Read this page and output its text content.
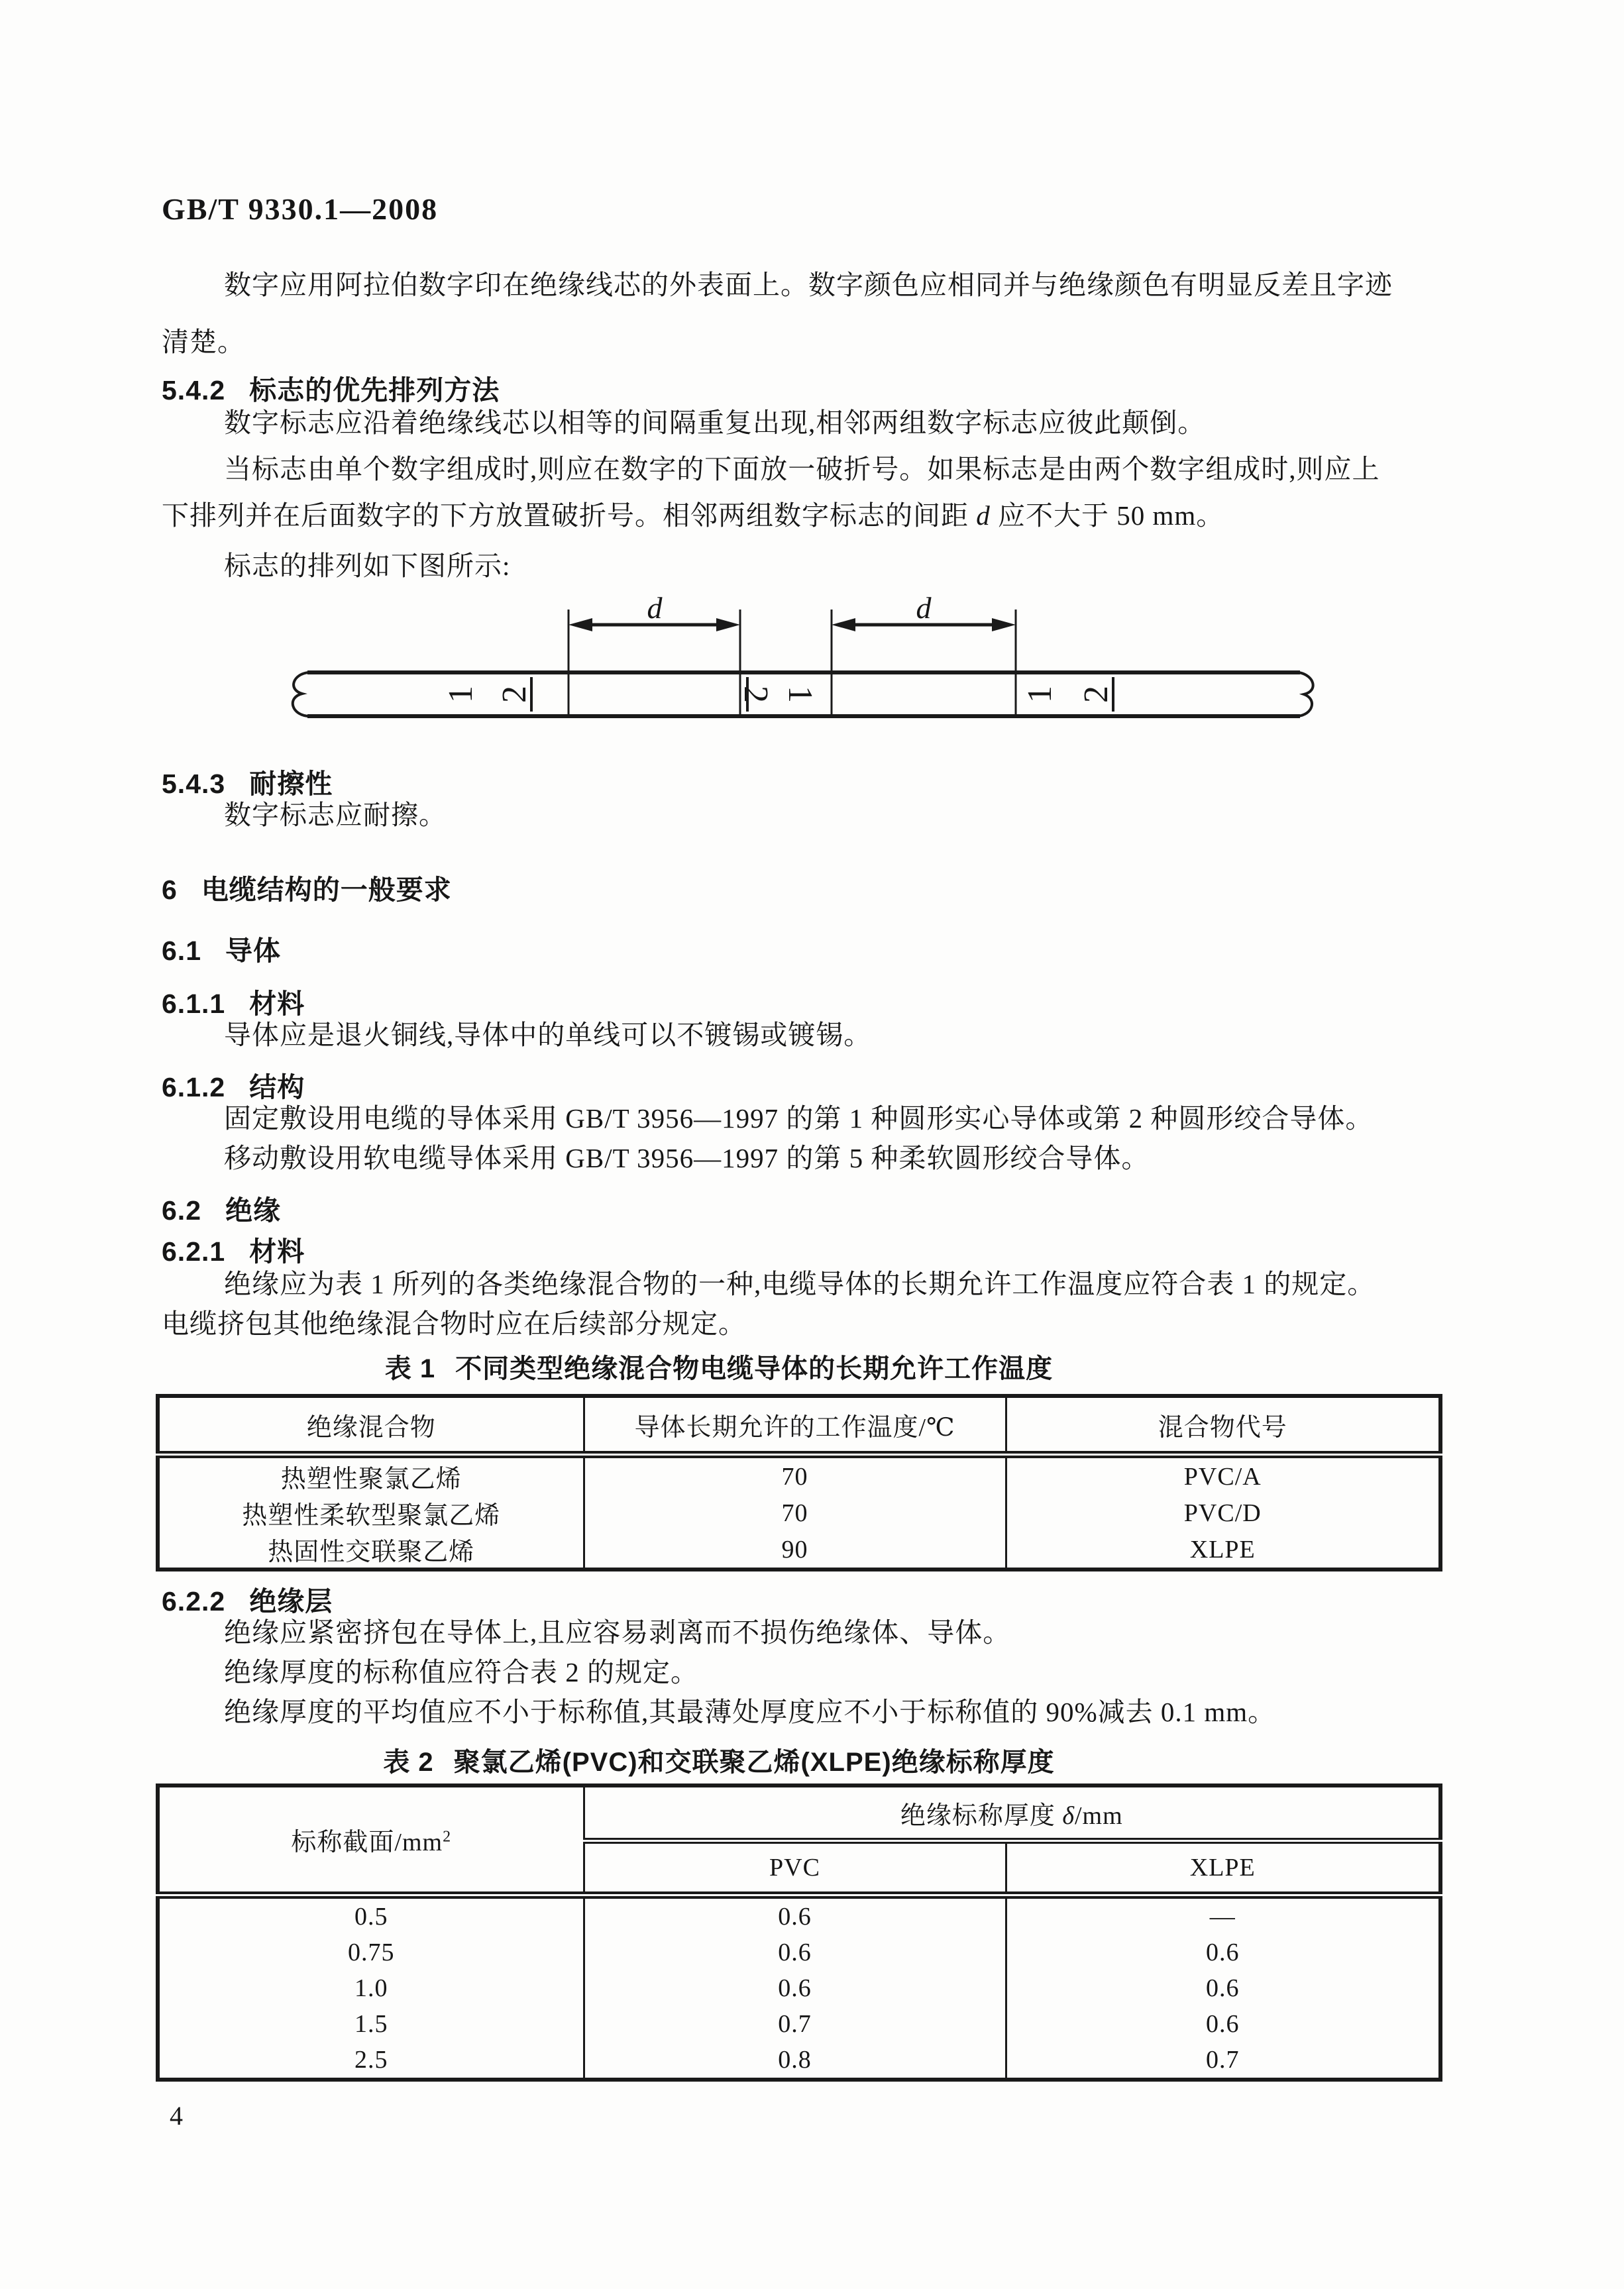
GB/T 9330.1—2008
数字应用阿拉伯数字印在绝缘线芯的外表面上。数字颜色应相同并与绝缘颜色有明显反差且字迹
清楚。
5.4.2 标志的优先排列方法
数字标志应沿着绝缘线芯以相等的间隔重复出现,相邻两组数字标志应彼此颠倒。
当标志由单个数字组成时,则应在数字的下面放一破折号。如果标志是由两个数字组成时,则应上
下排列并在后面数字的下方放置破折号。相邻两组数字标志的间距 d 应不大于 50 mm。
标志的排列如下图所示:
d	d
1 2	2 1	1 2
5.4.3 耐擦性
数字标志应耐擦。
6 电缆结构的一般要求
6.1 导体
6.1.1 材料
导体应是退火铜线,导体中的单线可以不镀锡或镀锡。
6.1.2 结构
固定敷设用电缆的导体采用 GB/T 3956—1997 的第 1 种圆形实心导体或第 2 种圆形绞合导体。
移动敷设用软电缆导体采用 GB/T 3956—1997 的第 5 种柔软圆形绞合导体。
6.2 绝缘
6.2.1 材料
绝缘应为表 1 所列的各类绝缘混合物的一种,电缆导体的长期允许工作温度应符合表 1 的规定。
电缆挤包其他绝缘混合物时应在后续部分规定。
表 1 不同类型绝缘混合物电缆导体的长期允许工作温度
绝缘混合物	导体长期允许的工作温度/℃	混合物代号
热塑性聚氯乙烯	70	PVC/A
热塑性柔软型聚氯乙烯	70	PVC/D
热固性交联聚乙烯	90	XLPE
6.2.2 绝缘层
绝缘应紧密挤包在导体上,且应容易剥离而不损伤绝缘体、导体。
绝缘厚度的标称值应符合表 2 的规定。
绝缘厚度的平均值应不小于标称值,其最薄处厚度应不小于标称值的 90%减去 0.1 mm。
表 2 聚氯乙烯(PVC)和交联聚乙烯(XLPE)绝缘标称厚度
标称截面$/mm^2$	绝缘标称厚度 δ/mm	
	PVC	XLPE
0.5	0.6	—
0.75	0.6	0.6
1.0	0.6	0.6
1.5	0.7	0.6
2.5	0.8	0.7
4
